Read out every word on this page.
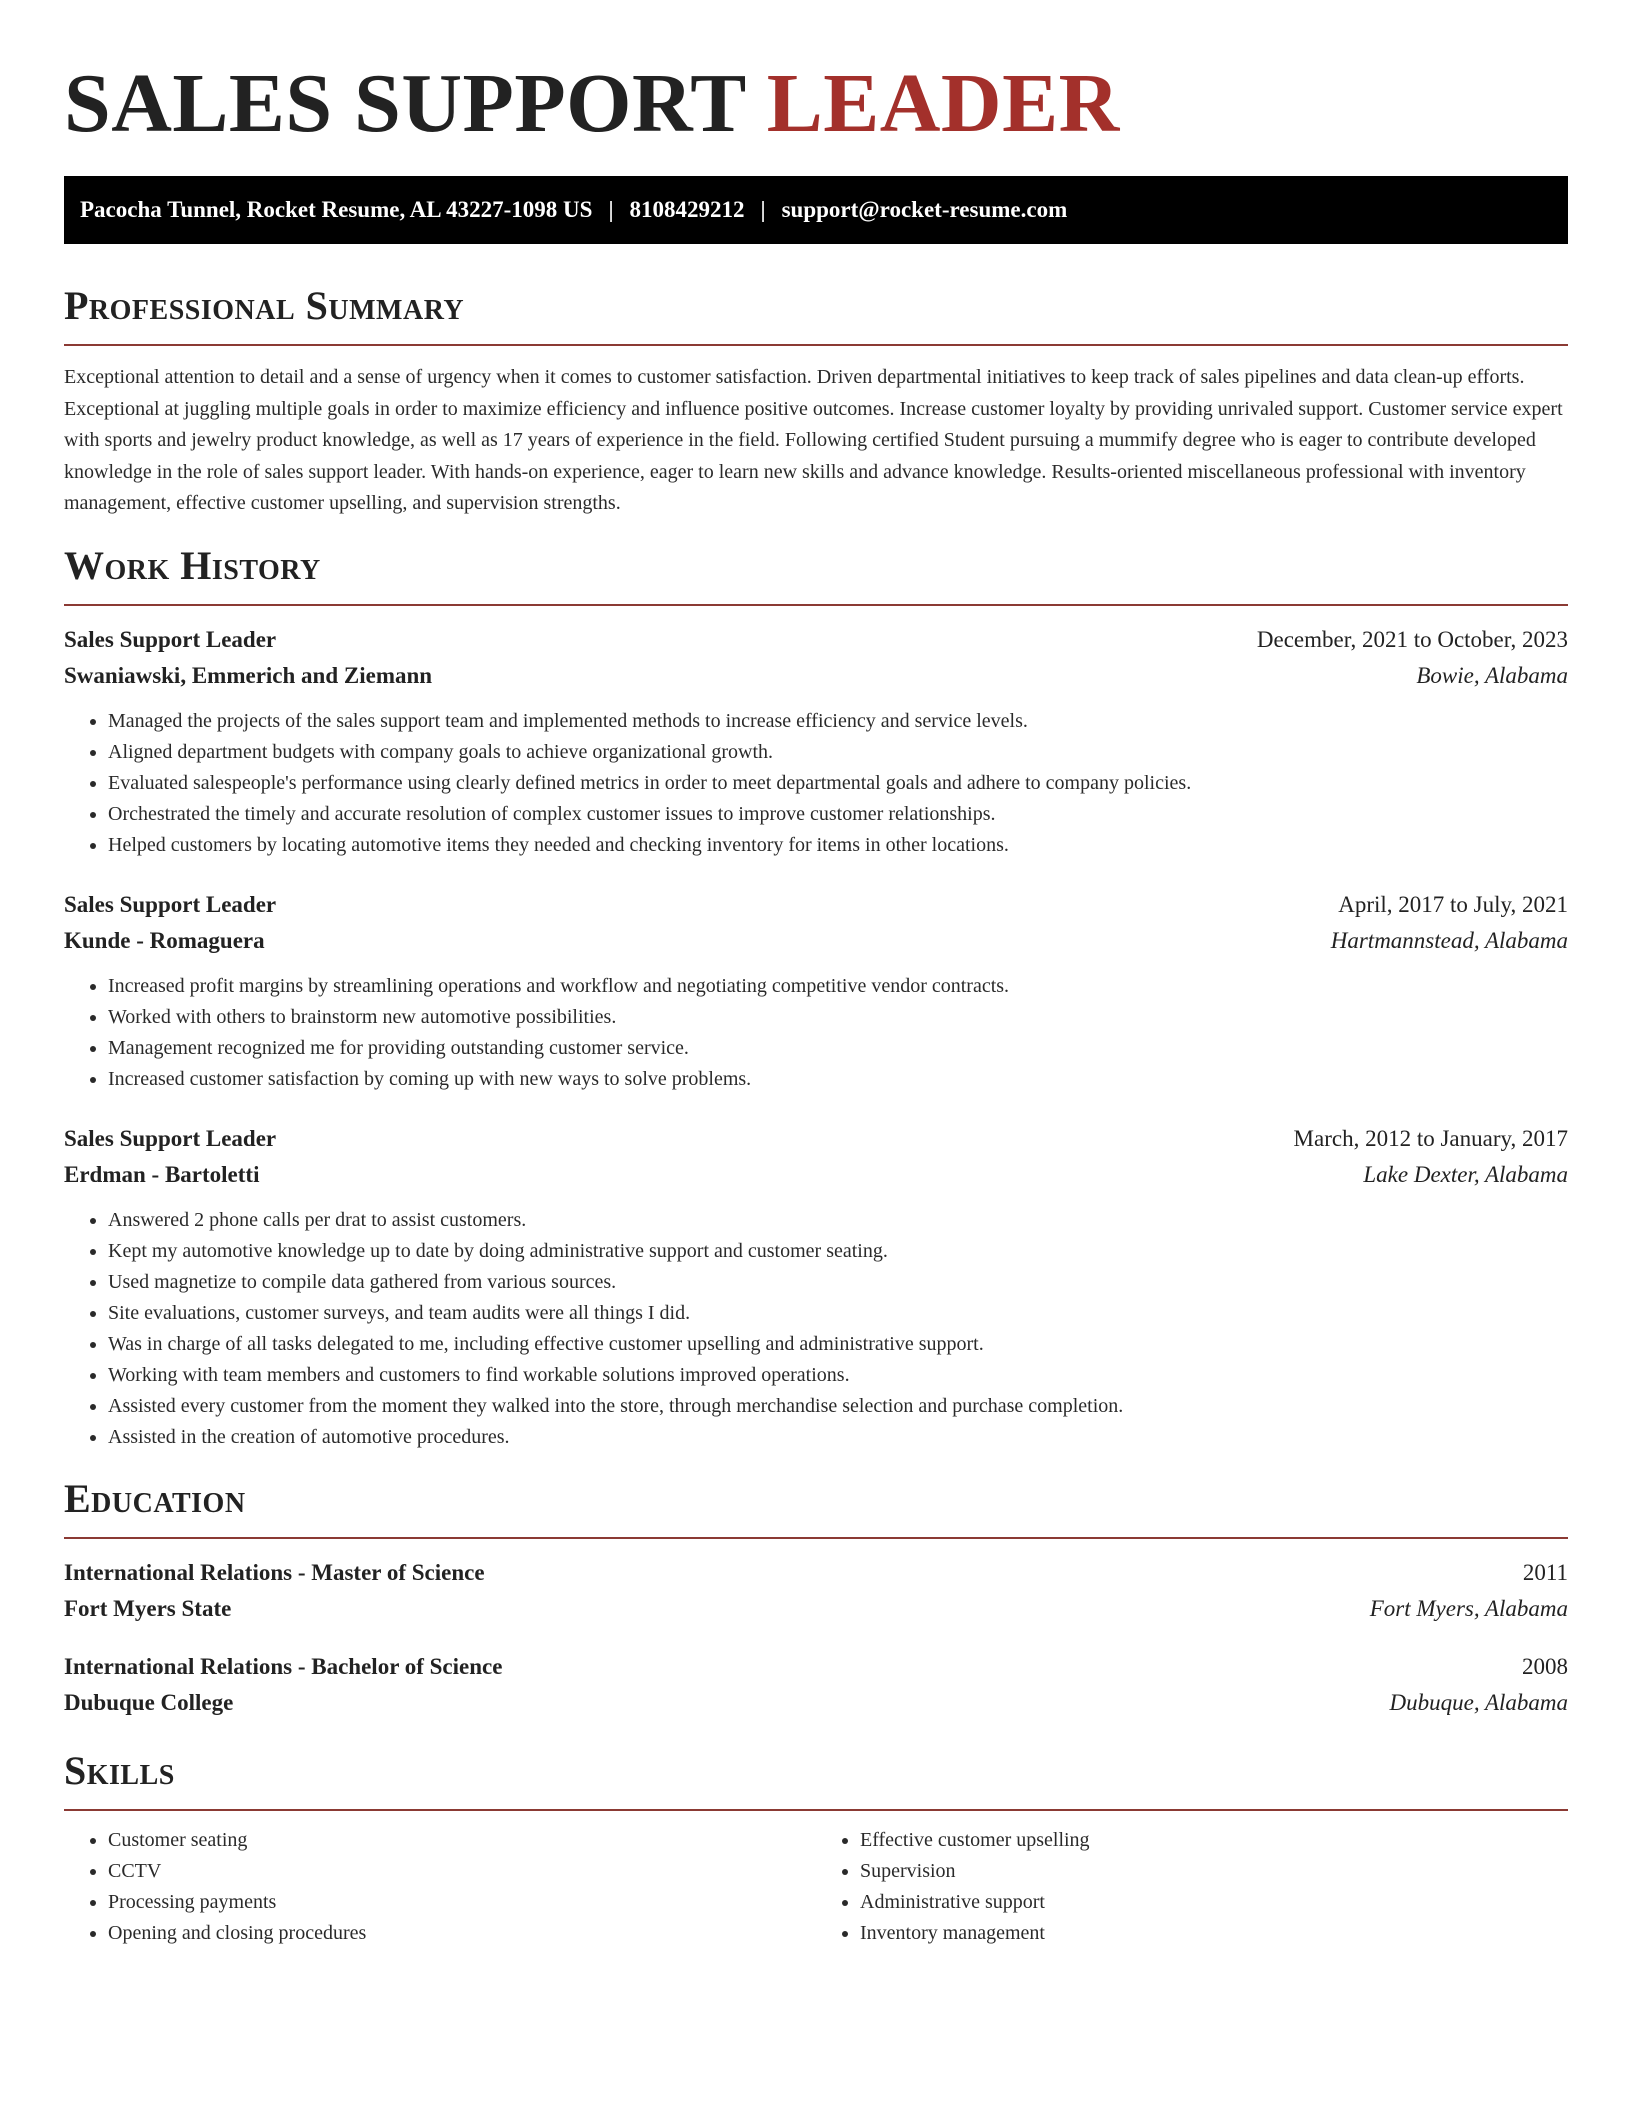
SALES SUPPORT LEADER
Pacocha Tunnel, Rocket Resume, AL 43227-1098 US | 8108429212 | support@rocket-resume.com
Professional Summary

Exceptional attention to detail and a sense of urgency when it comes to customer satisfaction. Driven departmental initiatives to keep track of sales pipelines and data clean-up efforts. Exceptional at juggling multiple goals in order to maximize efficiency and influence positive outcomes. Increase customer loyalty by providing unrivaled support. Customer service expert with sports and jewelry product knowledge, as well as 17 years of experience in the field. Following certified Student pursuing a mummify degree who is eager to contribute developed knowledge in the role of sales support leader. With hands-on experience, eager to learn new skills and advance knowledge. Results-oriented miscellaneous professional with inventory management, effective customer upselling, and supervision strengths.

Work History
Sales Support Leader	December, 2021 to October, 2023
Swaniawski, Emmerich and Ziemann	Bowie, Alabama
• Managed the projects of the sales support team and implemented methods to increase efficiency and service levels.
• Aligned department budgets with company goals to achieve organizational growth.
• Evaluated salespeople's performance using clearly defined metrics in order to meet departmental goals and adhere to company policies.
• Orchestrated the timely and accurate resolution of complex customer issues to improve customer relationships.
• Helped customers by locating automotive items they needed and checking inventory for items in other locations.
Sales Support Leader	April, 2017 to July, 2021
Kunde - Romaguera	Hartmannstead, Alabama
• Increased profit margins by streamlining operations and workflow and negotiating competitive vendor contracts.
• Worked with others to brainstorm new automotive possibilities.
• Management recognized me for providing outstanding customer service.
• Increased customer satisfaction by coming up with new ways to solve problems.
Sales Support Leader	March, 2012 to January, 2017
Erdman - Bartoletti	Lake Dexter, Alabama
• Answered 2 phone calls per drat to assist customers.
• Kept my automotive knowledge up to date by doing administrative support and customer seating.
• Used magnetize to compile data gathered from various sources.
• Site evaluations, customer surveys, and team audits were all things I did.
• Was in charge of all tasks delegated to me, including effective customer upselling and administrative support.
• Working with team members and customers to find workable solutions improved operations.
• Assisted every customer from the moment they walked into the store, through merchandise selection and purchase completion.
• Assisted in the creation of automotive procedures.
Education
International Relations - Master of Science	2011
Fort Myers State	Fort Myers, Alabama
International Relations - Bachelor of Science	2008
Dubuque College	Dubuque, Alabama
Skills
• Customer seating
• CCTV
• Processing payments
• Opening and closing procedures
• Effective customer upselling
• Supervision
• Administrative support
• Inventory management
